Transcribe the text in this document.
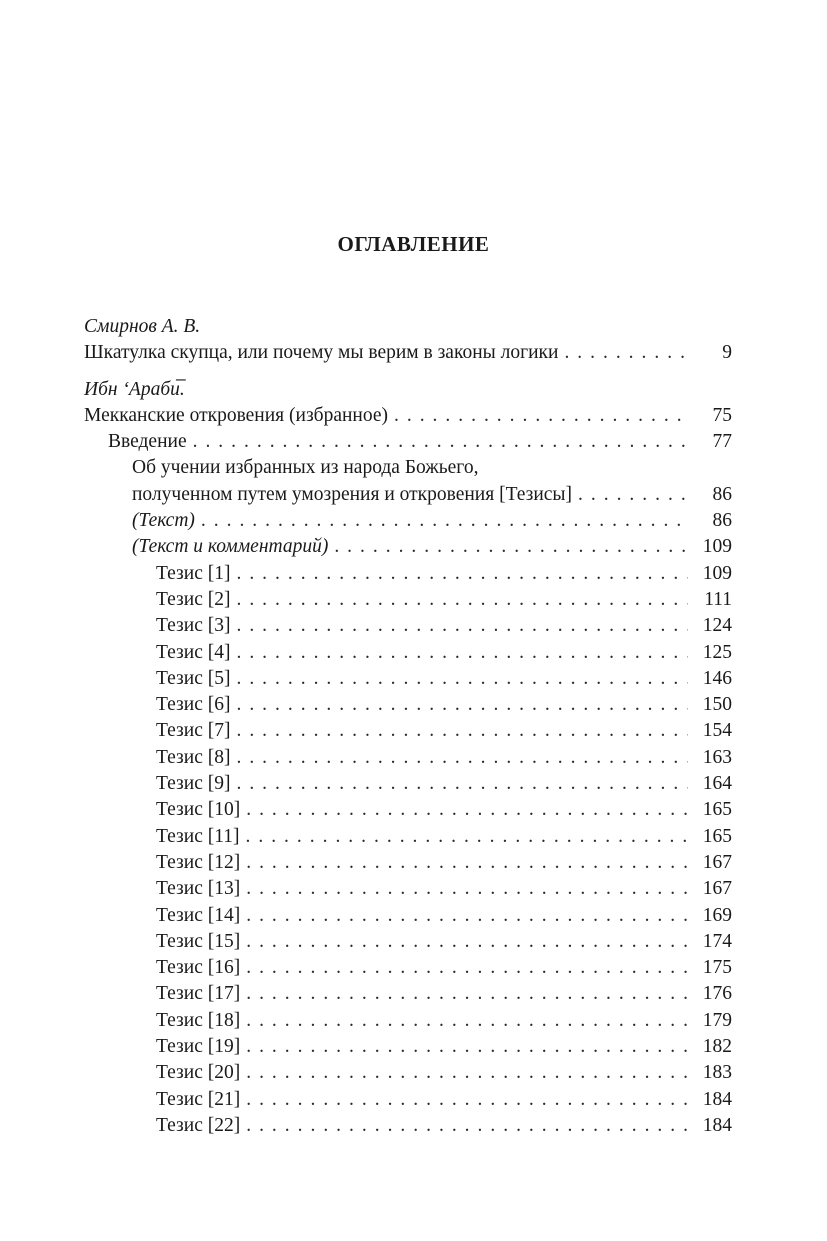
ОГЛАВЛЕНИЕ
Смирнов А. В.
Шкатулка скупца, или почему мы верим в законы логики . . .	9
Ибн ‘Араби̅.
Мекканские откровения (избранное) . . .	75
Введение . . .	77
Об учении избранных из народа Божьего,
полученном путем умозрения и откровения [Тезисы] . . .	86
(Текст) . . .	86
(Текст и комментарий) . . .	109
Тезис [1] . . .	109
Тезис [2] . . .	111
Тезис [3] . . .	124
Тезис [4] . . .	125
Тезис [5] . . .	146
Тезис [6] . . .	150
Тезис [7] . . .	154
Тезис [8] . . .	163
Тезис [9] . . .	164
Тезис [10] . . .	165
Тезис [11] . . .	165
Тезис [12] . . .	167
Тезис [13] . . .	167
Тезис [14] . . .	169
Тезис [15] . . .	174
Тезис [16] . . .	175
Тезис [17] . . .	176
Тезис [18] . . .	179
Тезис [19] . . .	182
Тезис [20] . . .	183
Тезис [21] . . .	184
Тезис [22] . . .	184
